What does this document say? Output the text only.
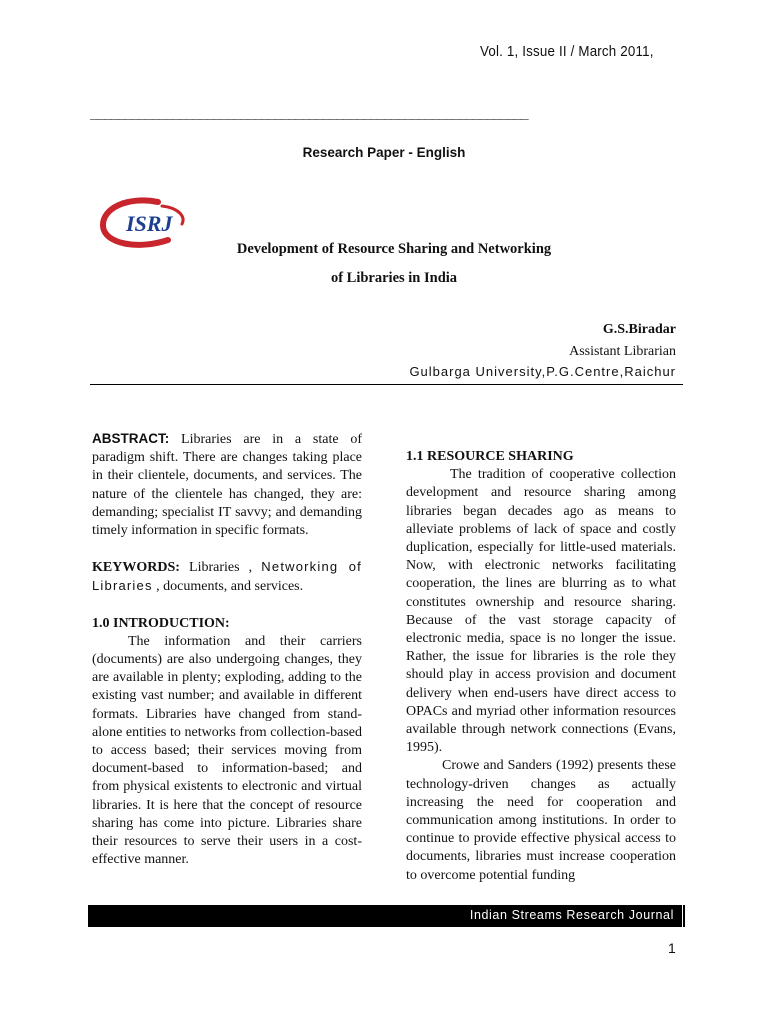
Vol. 1, Issue II / March 2011,
________________________________________________________________
Research Paper - English
ISRJ
Development of Resource Sharing and Networking
of Libraries in India
G.S.Biradar
Assistant Librarian
Gulbarga University,P.G.Centre,Raichur

ABSTRACT: Libraries are in a state of paradigm shift. There are changes taking place in their clientele, documents, and services. The nature of the clientele has changed, they are: demanding; specialist IT savvy; and demanding timely information in specific formats.

KEYWORDS: Libraries , Networking of Libraries , documents, and services.

1.0 INTRODUCTION:

The information and their carriers (documents) are also undergoing changes, they are available in plenty; exploding, adding to the existing vast number; and available in different formats. Libraries have changed from stand-alone entities to networks from collection-based to access based; their services moving from document-based to information-based; and from physical existents to electronic and virtual libraries. It is here that the concept of resource sharing has come into picture. Libraries share their resources to serve their users in a cost-effective manner.

1.1 RESOURCE SHARING

The tradition of cooperative collection development and resource sharing among libraries began decades ago as means to alleviate problems of lack of space and costly duplication, especially for little-used materials. Now, with electronic networks facilitating cooperation, the lines are blurring as to what constitutes ownership and resource sharing. Because of the vast storage capacity of electronic media, space is no longer the issue. Rather, the issue for libraries is the role they should play in access provision and document delivery when end-users have direct access to OPACs and myriad other information resources available through network connections (Evans, 1995).

Crowe and Sanders (1992) presents these technology-driven changes as actually increasing the need for cooperation and communication among institutions. In order to continue to provide effective physical access to documents, libraries must increase cooperation to overcome potential funding

Indian Streams Research Journal
1
